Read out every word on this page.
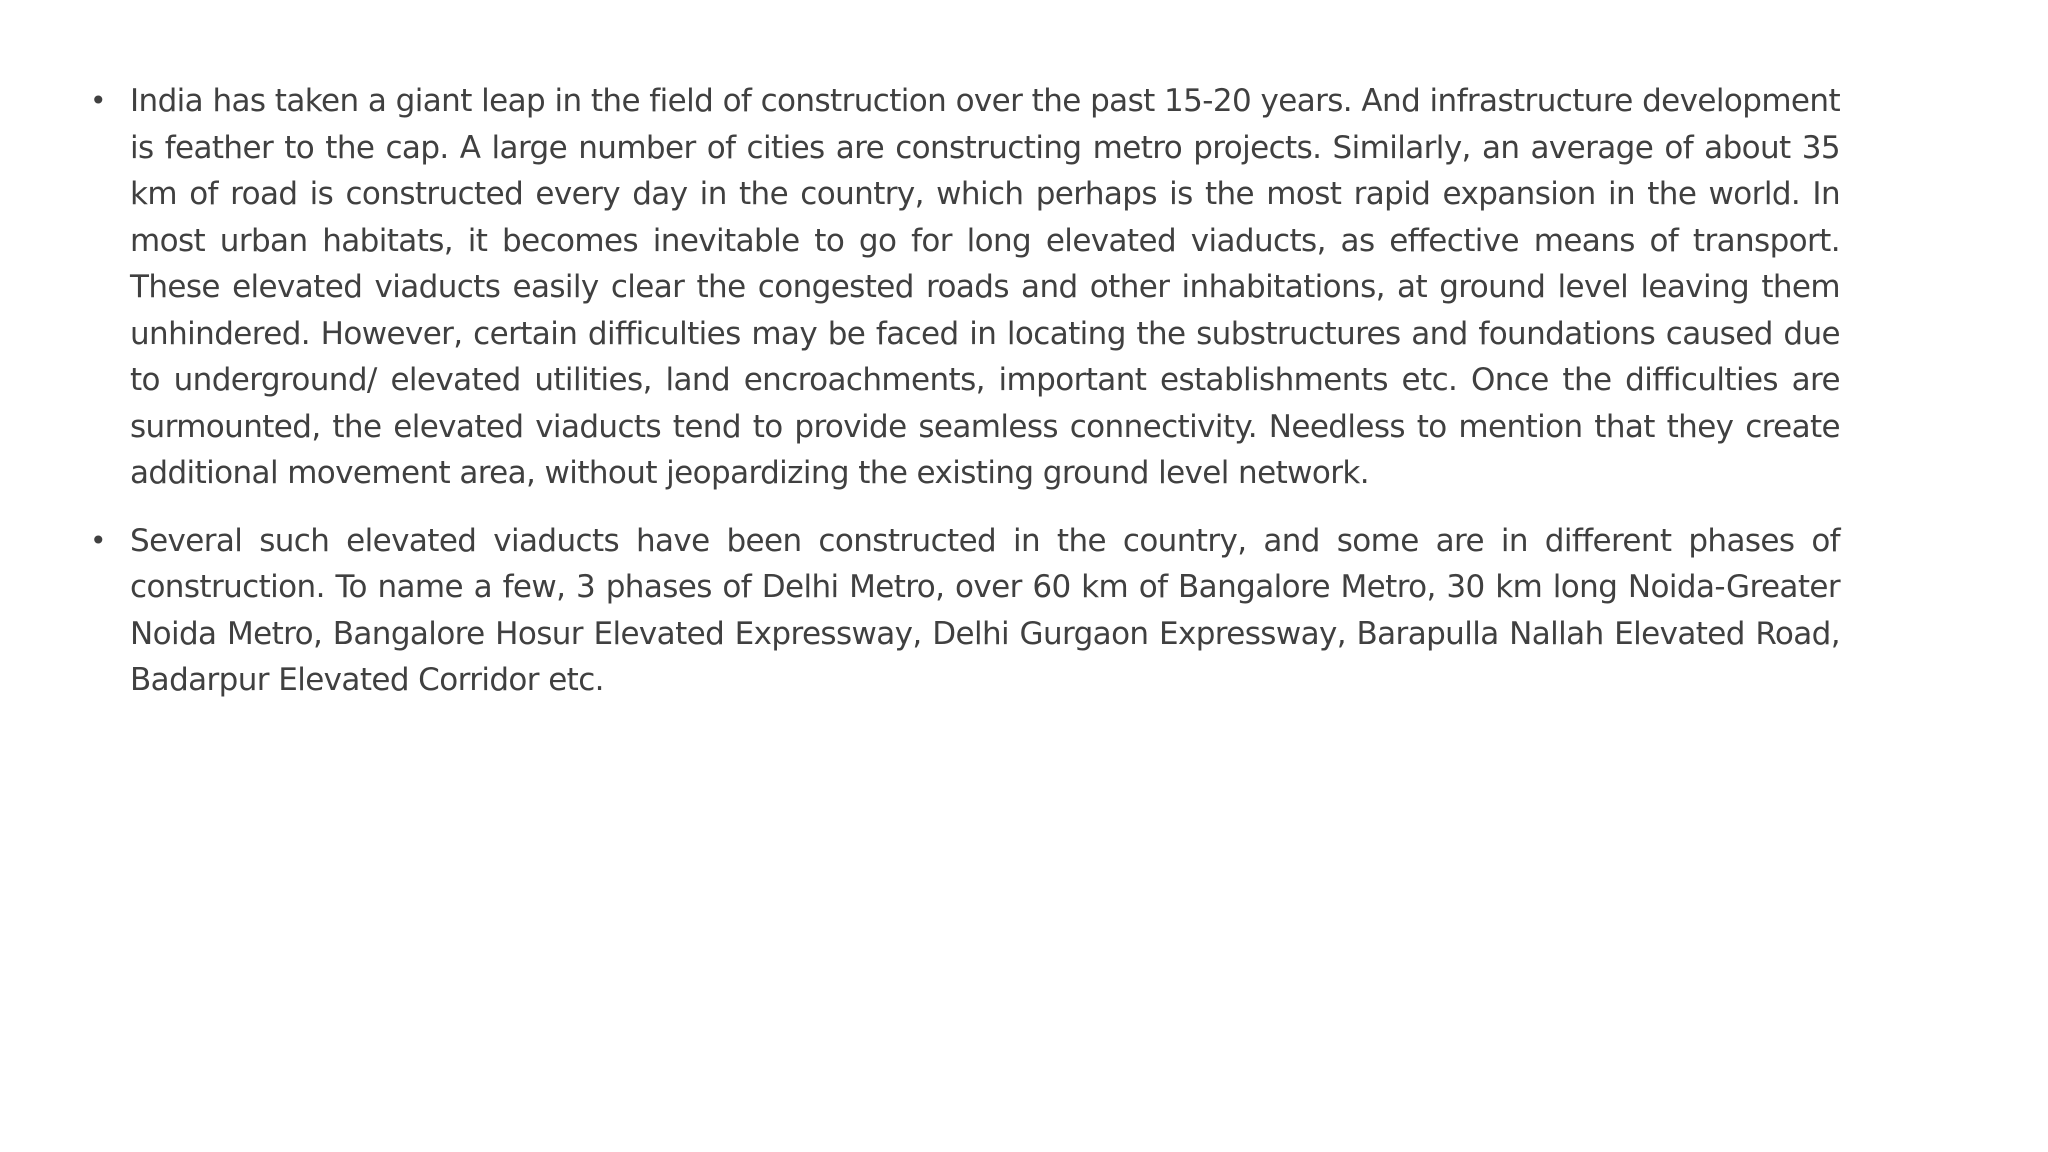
• India has taken a giant leap in the field of construction over the past 15-20 years. And infrastructure development is feather to the cap. A large number of cities are constructing metro projects. Similarly, an average of about 35 km of road is constructed every day in the country, which perhaps is the most rapid expansion in the world. In most urban habitats, it becomes inevitable to go for long elevated viaducts, as effective means of transport. These elevated viaducts easily clear the congested roads and other inhabitations, at ground level leaving them unhindered. However, certain difficulties may be faced in locating the substructures and foundations caused due to underground/ elevated utilities, land encroachments, important establishments etc. Once the difficulties are surmounted, the elevated viaducts tend to provide seamless connectivity. Needless to mention that they create additional movement area, without jeopardizing the existing ground level network.
• Several such elevated viaducts have been constructed in the country, and some are in different phases of construction. To name a few, 3 phases of Delhi Metro, over 60 km of Bangalore Metro, 30 km long Noida-Greater Noida Metro, Bangalore Hosur Elevated Expressway, Delhi Gurgaon Expressway, Barapulla Nallah Elevated Road, Badarpur Elevated Corridor etc.
